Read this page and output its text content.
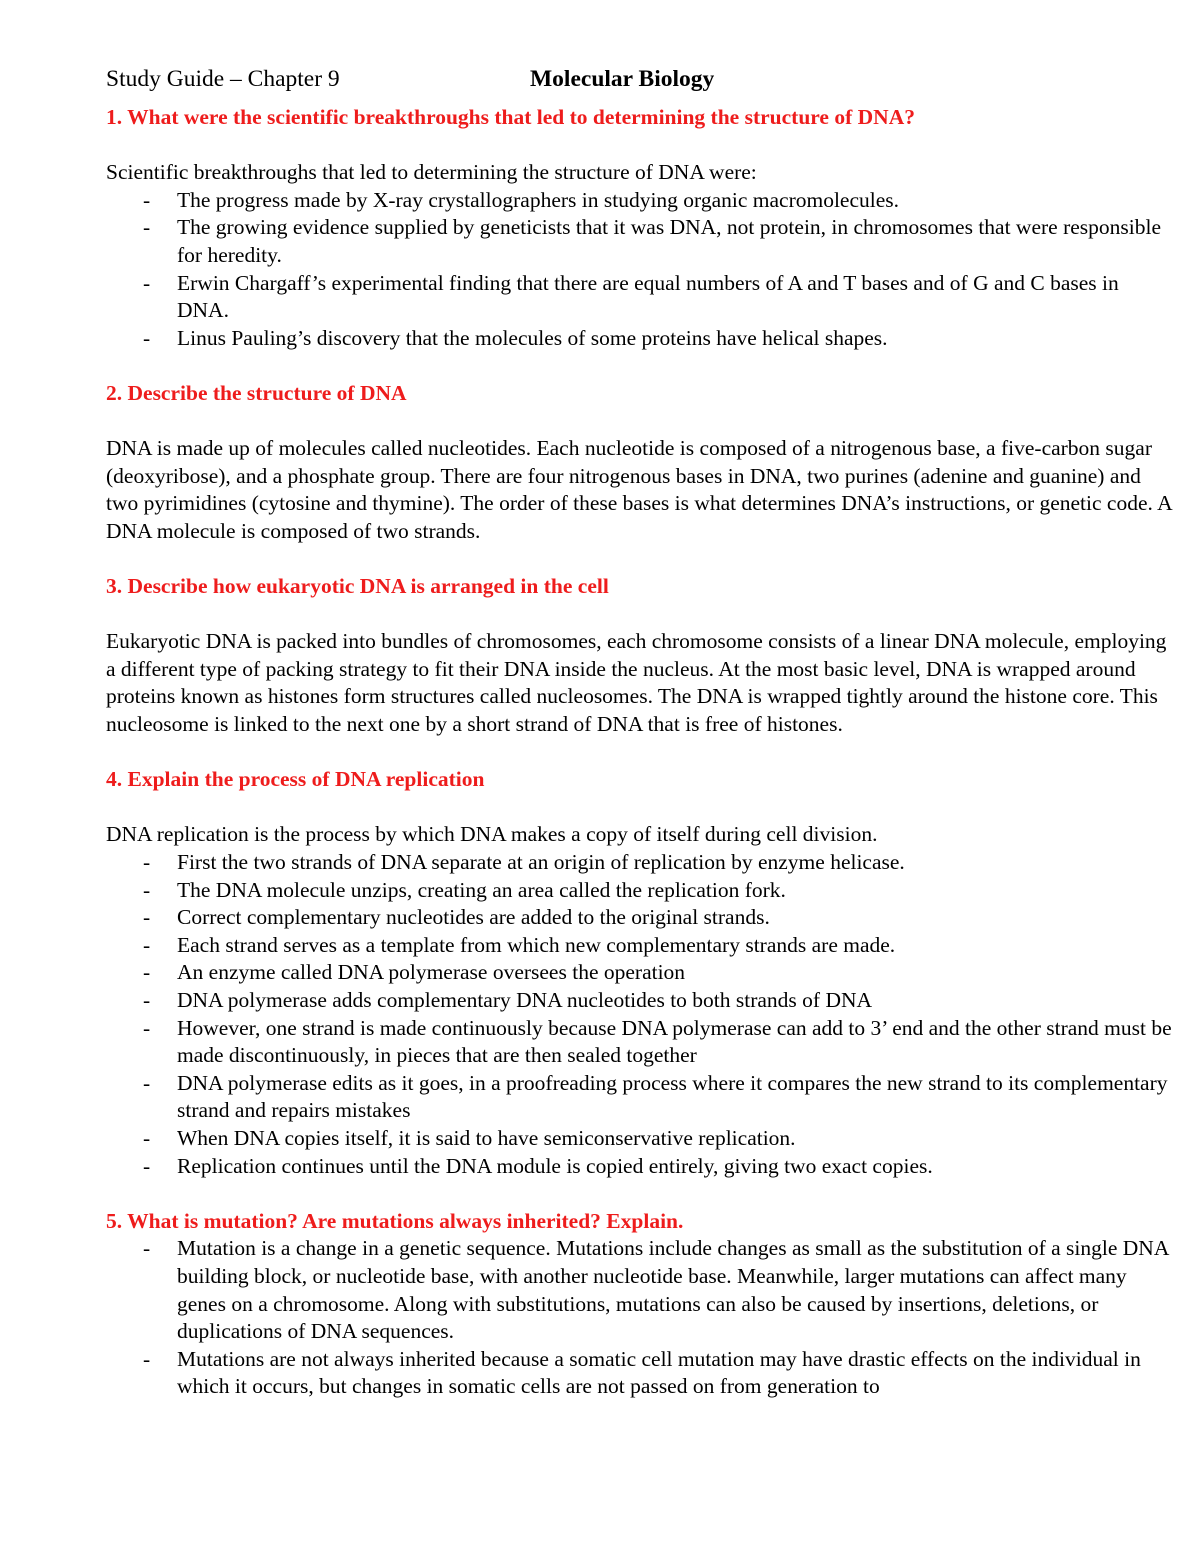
Study Guide – Chapter 9	Molecular Biology

1. What were the scientific breakthroughs that led to determining the structure of DNA?

Scientific breakthroughs that led to determining the structure of DNA were:

- The progress made by X-ray crystallographers in studying organic macromolecules.
- The growing evidence supplied by geneticists that it was DNA, not protein, in chromosomes that were responsible for heredity.
- Erwin Chargaff’s experimental finding that there are equal numbers of A and T bases and of G and C bases in DNA.
- Linus Pauling’s discovery that the molecules of some proteins have helical shapes.

2. Describe the structure of DNA

DNA is made up of molecules called nucleotides. Each nucleotide is composed of a nitrogenous base, a five-carbon sugar (deoxyribose), and a phosphate group. There are four nitrogenous bases in DNA, two purines (adenine and guanine) and two pyrimidines (cytosine and thymine). The order of these bases is what determines DNA’s instructions, or genetic code. A DNA molecule is composed of two strands.

3. Describe how eukaryotic DNA is arranged in the cell

Eukaryotic DNA is packed into bundles of chromosomes, each chromosome consists of a linear DNA molecule, employing a different type of packing strategy to fit their DNA inside the nucleus. At the most basic level, DNA is wrapped around proteins known as histones form structures called nucleosomes. The DNA is wrapped tightly around the histone core. This nucleosome is linked to the next one by a short strand of DNA that is free of histones.

4. Explain the process of DNA replication

DNA replication is the process by which DNA makes a copy of itself during cell division.

- First the two strands of DNA separate at an origin of replication by enzyme helicase.
- The DNA molecule unzips, creating an area called the replication fork.
- Correct complementary nucleotides are added to the original strands.
- Each strand serves as a template from which new complementary strands are made.
- An enzyme called DNA polymerase oversees the operation
- DNA polymerase adds complementary DNA nucleotides to both strands of DNA
- However, one strand is made continuously because DNA polymerase can add to 3’ end and the other strand must be made discontinuously, in pieces that are then sealed together
- DNA polymerase edits as it goes, in a proofreading process where it compares the new strand to its complementary strand and repairs mistakes
- When DNA copies itself, it is said to have semiconservative replication.
- Replication continues until the DNA module is copied entirely, giving two exact copies.

5. What is mutation? Are mutations always inherited? Explain.

- Mutation is a change in a genetic sequence. Mutations include changes as small as the substitution of a single DNA building block, or nucleotide base, with another nucleotide base. Meanwhile, larger mutations can affect many genes on a chromosome. Along with substitutions, mutations can also be caused by insertions, deletions, or duplications of DNA sequences.
- Mutations are not always inherited because a somatic cell mutation may have drastic effects on the individual in which it occurs, but changes in somatic cells are not passed on from generation to
